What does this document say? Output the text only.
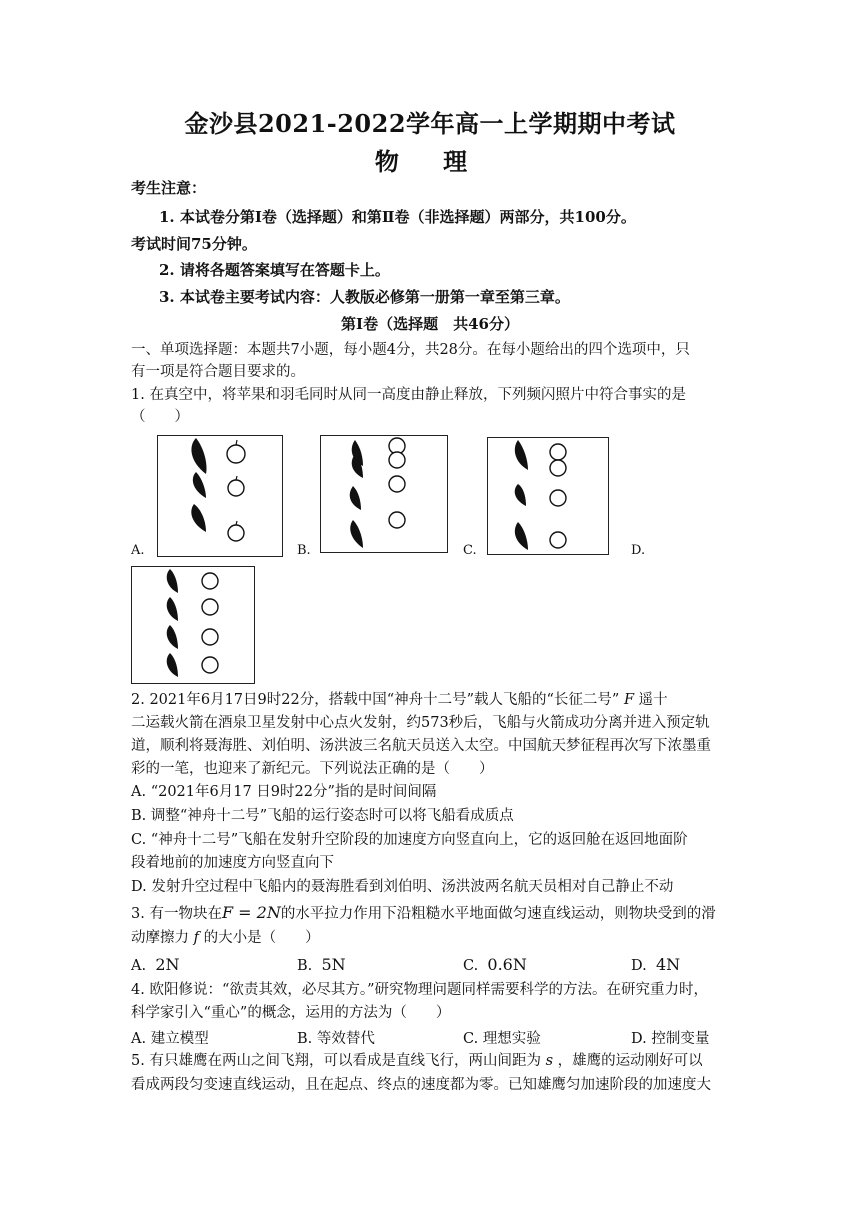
金沙县2021-2022学年高一上学期期中考试
物 理
考生注意：
1. 本试卷分第Ⅰ卷（选择题）和第Ⅱ卷（非选择题）两部分，共100分。
考试时间75分钟。
2. 请将各题答案填写在答题卡上。
3. 本试卷主要考试内容：人教版必修第一册第一章至第三章。
第Ⅰ卷（选择题　共46分）
一、单项选择题：本题共7小题，每小题4分，共28分。在每小题给出的四个选项中，只
有一项是符合题目要求的。
1. 在真空中，将苹果和羽毛同时从同一高度由静止释放，下列频闪照片中符合事实的是
（　　）
A.	B.	C.	D.
2. 2021年6月17日9时22分，搭载中国“神舟十二号”载人飞船的“长征二号” F 遥十
二运载火箭在酒泉卫星发射中心点火发射，约573秒后，飞船与火箭成功分离并进入预定轨
道，顺利将聂海胜、刘伯明、汤洪波三名航天员送入太空。中国航天梦征程再次写下浓墨重
彩的一笔，也迎来了新纪元。下列说法正确的是（　　）
A. “2021年6月17 日9时22分”指的是时间间隔
B. 调整“神舟十二号”飞船的运行姿态时可以将飞船看成质点
C. “神舟十二号”飞船在发射升空阶段的加速度方向竖直向上，它的返回舱在返回地面阶
段着地前的加速度方向竖直向下
D. 发射升空过程中飞船内的聂海胜看到刘伯明、汤洪波两名航天员相对自己静止不动
3. 有一物块在F = 2N的水平拉力作用下沿粗糙水平地面做匀速直线运动，则物块受到的滑
动摩擦力 f 的大小是（　　）
A. 2N	B. 5N	C. 0.6N	D. 4N
4. 欧阳修说：“欲责其效，必尽其方。”研究物理问题同样需要科学的方法。在研究重力时，
科学家引入“重心”的概念，运用的方法为（　　）
A. 建立模型	B. 等效替代	C. 理想实验	D. 控制变量
5. 有只雄鹰在两山之间飞翔，可以看成是直线飞行，两山间距为 s ，雄鹰的运动刚好可以
看成两段匀变速直线运动，且在起点、终点的速度都为零。已知雄鹰匀加速阶段的加速度大
